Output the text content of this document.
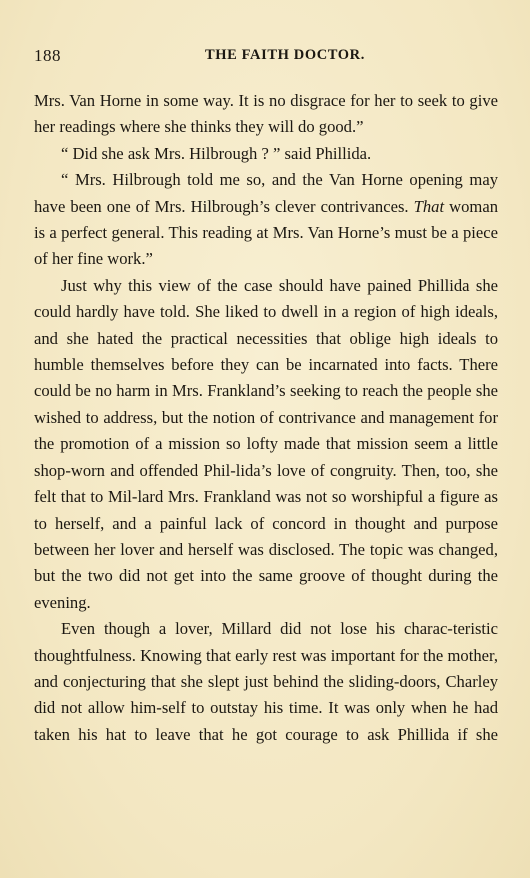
188	THE FAITH DOCTOR.

Mrs. Van Horne in some way. It is no disgrace for her to seek to give her readings where she thinks they will do good.”

“ Did she ask Mrs. Hilbrough ? ” said Phillida.

“ Mrs. Hilbrough told me so, and the Van Horne opening may have been one of Mrs. Hilbrough’s clever contrivances. That woman is a perfect general. This reading at Mrs. Van Horne’s must be a piece of her fine work.”

Just why this view of the case should have pained Phillida she could hardly have told. She liked to dwell in a region of high ideals, and she hated the practical necessities that oblige high ideals to humble themselves before they can be incarnated into facts. There could be no harm in Mrs. Frankland’s seeking to reach the people she wished to address, but the notion of contrivance and management for the promotion of a mission so lofty made that mission seem a little shop-worn and offended Phil-lida’s love of congruity. Then, too, she felt that to Mil-lard Mrs. Frankland was not so worshipful a figure as to herself, and a painful lack of concord in thought and purpose between her lover and herself was disclosed. The topic was changed, but the two did not get into the same groove of thought during the evening.

Even though a lover, Millard did not lose his charac-teristic thoughtfulness. Knowing that early rest was important for the mother, and conjecturing that she slept just behind the sliding-doors, Charley did not allow him-self to outstay his time. It was only when he had taken his hat to leave that he got courage to ask Phillida if she
